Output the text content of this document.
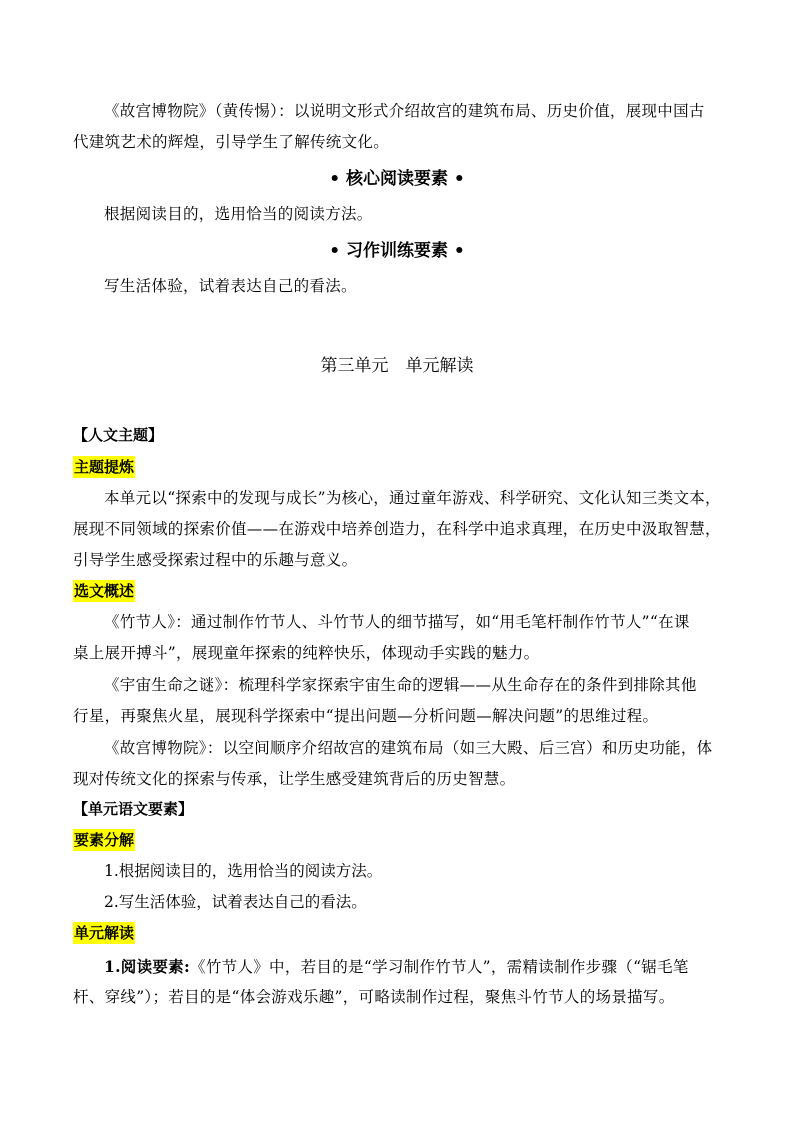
《故宫博物院》（黄传惕）：以说明文形式介绍故宫的建筑布局、历史价值，展现中国古

代建筑艺术的辉煌，引导学生了解传统文化。

• 核心阅读要素 •

根据阅读目的，选用恰当的阅读方法。

• 习作训练要素 •

写生活体验，试着表达自己的看法。

第三单元　单元解读

【人文主题】

主题提炼

本单元以“探索中的发现与成长”为核心，通过童年游戏、科学研究、文化认知三类文本，

展现不同领域的探索价值——在游戏中培养创造力，在科学中追求真理，在历史中汲取智慧，

引导学生感受探索过程中的乐趣与意义。

选文概述

《竹节人》：通过制作竹节人、斗竹节人的细节描写，如“用毛笔杆制作竹节人”“在课

桌上展开搏斗”，展现童年探索的纯粹快乐，体现动手实践的魅力。

《宇宙生命之谜》：梳理科学家探索宇宙生命的逻辑——从生命存在的条件到排除其他

行星，再聚焦火星，展现科学探索中“提出问题—分析问题—解决问题”的思维过程。

《故宫博物院》：以空间顺序介绍故宫的建筑布局（如三大殿、后三宫）和历史功能，体

现对传统文化的探索与传承，让学生感受建筑背后的历史智慧。

【单元语文要素】

要素分解

1.根据阅读目的，选用恰当的阅读方法。

2.写生活体验，试着表达自己的看法。

单元解读

1.阅读要素:《竹节人》中，若目的是“学习制作竹节人”，需精读制作步骤（“锯毛笔

杆、穿线”）；若目的是“体会游戏乐趣”，可略读制作过程，聚焦斗竹节人的场景描写。
